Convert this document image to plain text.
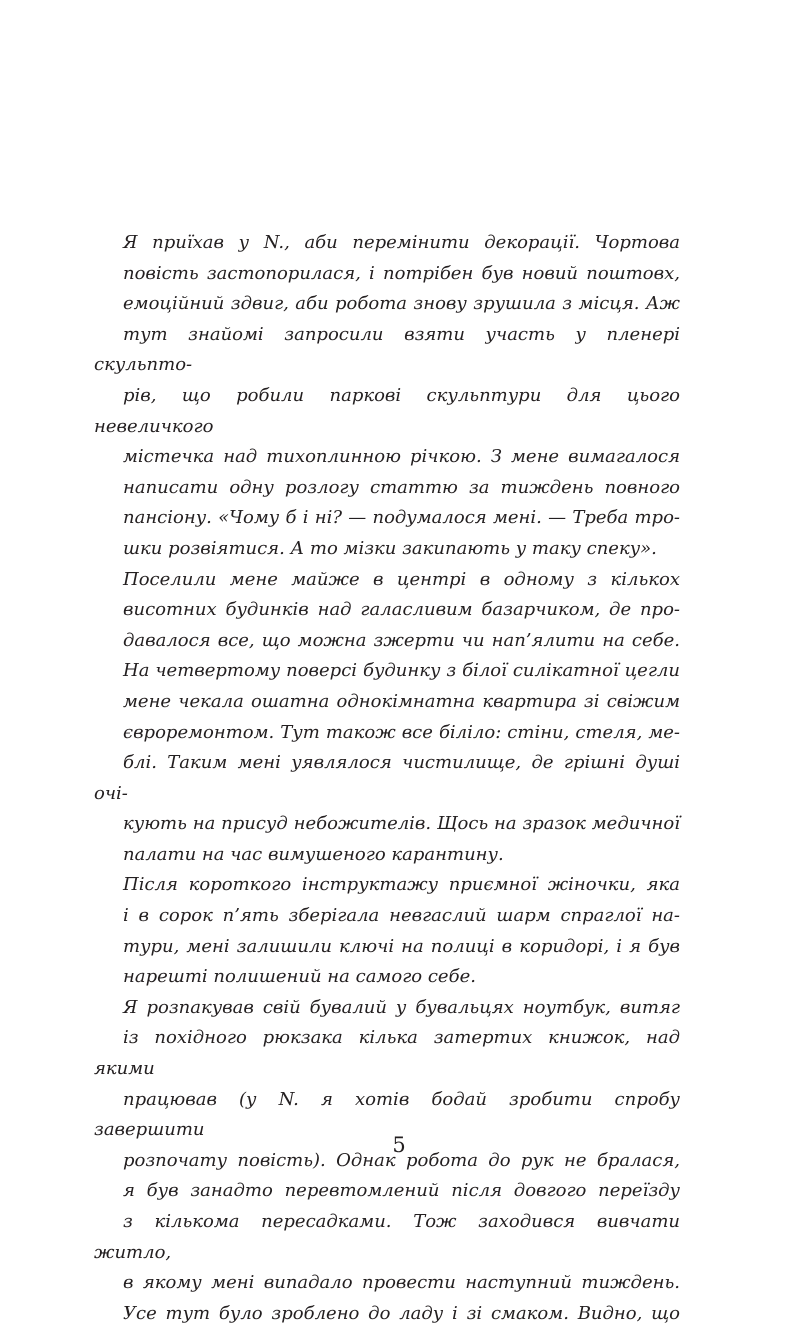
Я приїхав у N., аби перемінити декорації. Чортова
повість застопорилася, і потрібен був новий поштовх,
емоційний здвиг, аби робота знову зрушила з місця. Аж
тут знайомі запросили взяти участь у пленері скульпто-
рів, що робили паркові скульптури для цього невеличкого
містечка над тихоплинною річкою. З мене вимагалося
написати одну розлогу статтю за тиждень повного
пансіону. «Чому б і ні? — подумалося мені. — Треба тро-
шки розвіятися. А то мізки закипають у таку спеку».

Поселили мене майже в центрі в одному з кількох
висотних будинків над галасливим базарчиком, де про-
давалося все, що можна зжерти чи нап’ялити на себе.
На четвертому поверсі будинку з білої силікатної цегли
мене чекала ошатна однокімнатна квартира зі свіжим
євроремонтом. Тут також все біліло: стіни, стеля, ме-
блі. Таким мені уявлялося чистилище, де грішні душі очі-
кують на присуд небожителів. Щось на зразок медичної
палати на час вимушеного карантину.

Після короткого інструктажу приємної жіночки, яка
і в сорок п’ять зберігала невгаслий шарм спраглої на-
тури, мені залишили ключі на полиці в коридорі, і я був
нарешті полишений на самого себе.

Я розпакував свій бувалий у бувальцях ноутбук, витяг
із похідного рюкзака кілька затертих книжок, над якими
працював (у N. я хотів бодай зробити спробу завершити
розпочату повість). Однак робота до рук не бралася,
я був занадто перевтомлений після довгого переїзду
з кількома пересадками. Тож заходився вивчати житло,
в якому мені випадало провести наступний тиждень.
Усе тут було зроблено до ладу і зі смаком. Видно, що

5
